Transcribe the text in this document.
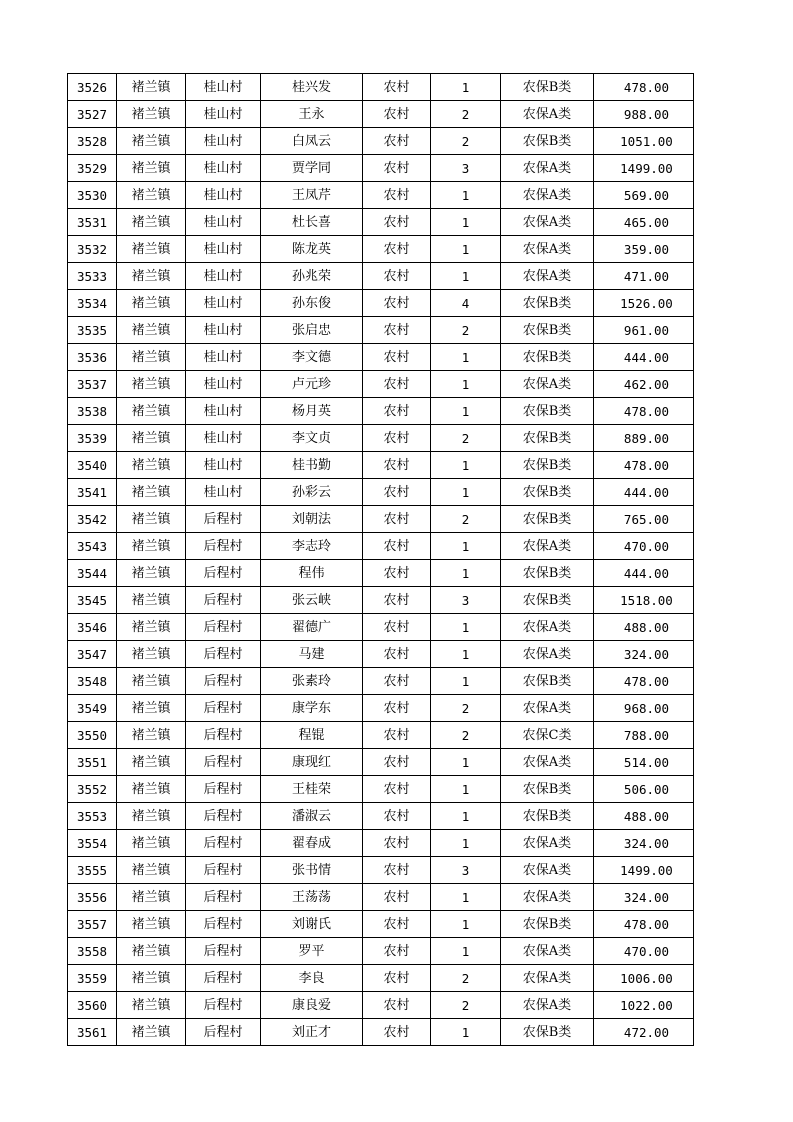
3526	褚兰镇	桂山村	桂兴发	农村	1	农保B类	478.00
3527	褚兰镇	桂山村	王永	农村	2	农保A类	988.00
3528	褚兰镇	桂山村	白凤云	农村	2	农保B类	1051.00
3529	褚兰镇	桂山村	贾学同	农村	3	农保A类	1499.00
3530	褚兰镇	桂山村	王凤芹	农村	1	农保A类	569.00
3531	褚兰镇	桂山村	杜长喜	农村	1	农保A类	465.00
3532	褚兰镇	桂山村	陈龙英	农村	1	农保A类	359.00
3533	褚兰镇	桂山村	孙兆荣	农村	1	农保A类	471.00
3534	褚兰镇	桂山村	孙东俊	农村	4	农保B类	1526.00
3535	褚兰镇	桂山村	张启忠	农村	2	农保B类	961.00
3536	褚兰镇	桂山村	李文德	农村	1	农保B类	444.00
3537	褚兰镇	桂山村	卢元珍	农村	1	农保A类	462.00
3538	褚兰镇	桂山村	杨月英	农村	1	农保B类	478.00
3539	褚兰镇	桂山村	李文贞	农村	2	农保B类	889.00
3540	褚兰镇	桂山村	桂书勤	农村	1	农保B类	478.00
3541	褚兰镇	桂山村	孙彩云	农村	1	农保B类	444.00
3542	褚兰镇	后程村	刘朝法	农村	2	农保B类	765.00
3543	褚兰镇	后程村	李志玲	农村	1	农保A类	470.00
3544	褚兰镇	后程村	程伟	农村	1	农保B类	444.00
3545	褚兰镇	后程村	张云峡	农村	3	农保B类	1518.00
3546	褚兰镇	后程村	翟德广	农村	1	农保A类	488.00
3547	褚兰镇	后程村	马建	农村	1	农保A类	324.00
3548	褚兰镇	后程村	张素玲	农村	1	农保B类	478.00
3549	褚兰镇	后程村	康学东	农村	2	农保A类	968.00
3550	褚兰镇	后程村	程锟	农村	2	农保C类	788.00
3551	褚兰镇	后程村	康现红	农村	1	农保A类	514.00
3552	褚兰镇	后程村	王桂荣	农村	1	农保B类	506.00
3553	褚兰镇	后程村	潘淑云	农村	1	农保B类	488.00
3554	褚兰镇	后程村	翟春成	农村	1	农保A类	324.00
3555	褚兰镇	后程村	张书情	农村	3	农保A类	1499.00
3556	褚兰镇	后程村	王荡荡	农村	1	农保A类	324.00
3557	褚兰镇	后程村	刘谢氏	农村	1	农保B类	478.00
3558	褚兰镇	后程村	罗平	农村	1	农保A类	470.00
3559	褚兰镇	后程村	李良	农村	2	农保A类	1006.00
3560	褚兰镇	后程村	康良爱	农村	2	农保A类	1022.00
3561	褚兰镇	后程村	刘正才	农村	1	农保B类	472.00
